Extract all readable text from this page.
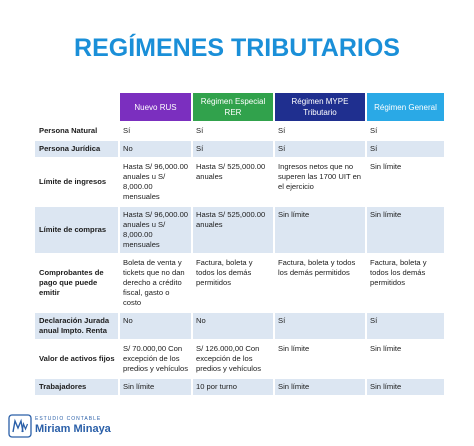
REGÍMENES TRIBUTARIOS
	Nuevo RUS	Régimen Especial RER	Régimen MYPE Tributario	Régimen General
Persona Natural	Sí	Sí	Sí	Sí
Persona Jurídica	No	Sí	Sí	Sí
Límite de ingresos	Hasta S/ 96,000.00 anuales u S/ 8,000.00 mensuales	Hasta S/ 525,000.00 anuales	Ingresos netos que no superen las 1700 UIT en el ejercicio	Sin límite
Límite de compras	Hasta S/ 96,000.00 anuales u S/ 8,000.00 mensuales	Hasta S/ 525,000.00 anuales	Sin límite	Sin límite
Comprobantes de pago que puede emitir	Boleta de venta y tickets que no dan derecho a crédito fiscal, gasto o costo	Factura, boleta y todos los demás permitidos	Factura, boleta y todos los demás permitidos	Factura, boleta y todos los demás permitidos
Declaración Jurada anual Impto. Renta	No	No	Sí	Sí
Valor de activos fijos	S/ 70.000,00 Con excepción de los predios y vehículos	S/ 126.000,00 Con excepción de los predios y vehículos	Sin límite	Sin límite
Trabajadores	Sin límite	10 por turno	Sin límite	Sin límite
ESTUDIO CONTABLE
Miriam Minaya
